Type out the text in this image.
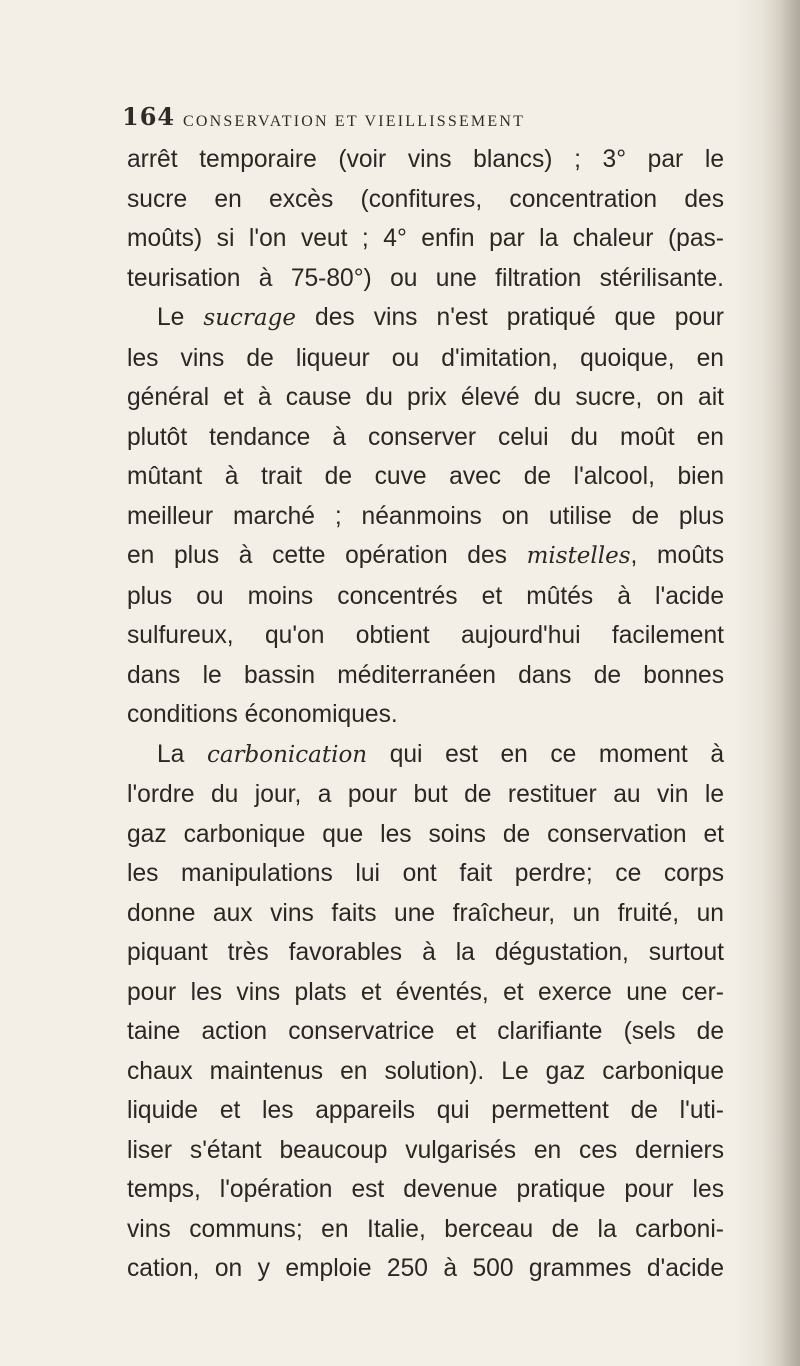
164 CONSERVATION ET VIEILLISSEMENT
arrêt temporaire (voir vins blancs) ; 3° par le
sucre en excès (confitures, concentration des
moûts) si l'on veut ; 4° enfin par la chaleur (pas-
teurisation à 75-80°) ou une filtration stérilisante.
Le sucrage des vins n'est pratiqué que pour
les vins de liqueur ou d'imitation, quoique, en
général et à cause du prix élevé du sucre, on ait
plutôt tendance à conserver celui du moût en
mûtant à trait de cuve avec de l'alcool, bien
meilleur marché ; néanmoins on utilise de plus
en plus à cette opération des mistelles, moûts
plus ou moins concentrés et mûtés à l'acide
sulfureux, qu'on obtient aujourd'hui facilement
dans le bassin méditerranéen dans de bonnes
conditions économiques.
La carbonication qui est en ce moment à
l'ordre du jour, a pour but de restituer au vin le
gaz carbonique que les soins de conservation et
les manipulations lui ont fait perdre; ce corps
donne aux vins faits une fraîcheur, un fruité, un
piquant très favorables à la dégustation, surtout
pour les vins plats et éventés, et exerce une cer-
taine action conservatrice et clarifiante (sels de
chaux maintenus en solution). Le gaz carbonique
liquide et les appareils qui permettent de l'uti-
liser s'étant beaucoup vulgarisés en ces derniers
temps, l'opération est devenue pratique pour les
vins communs; en Italie, berceau de la carboni-
cation, on y emploie 250 à 500 grammes d'acide
